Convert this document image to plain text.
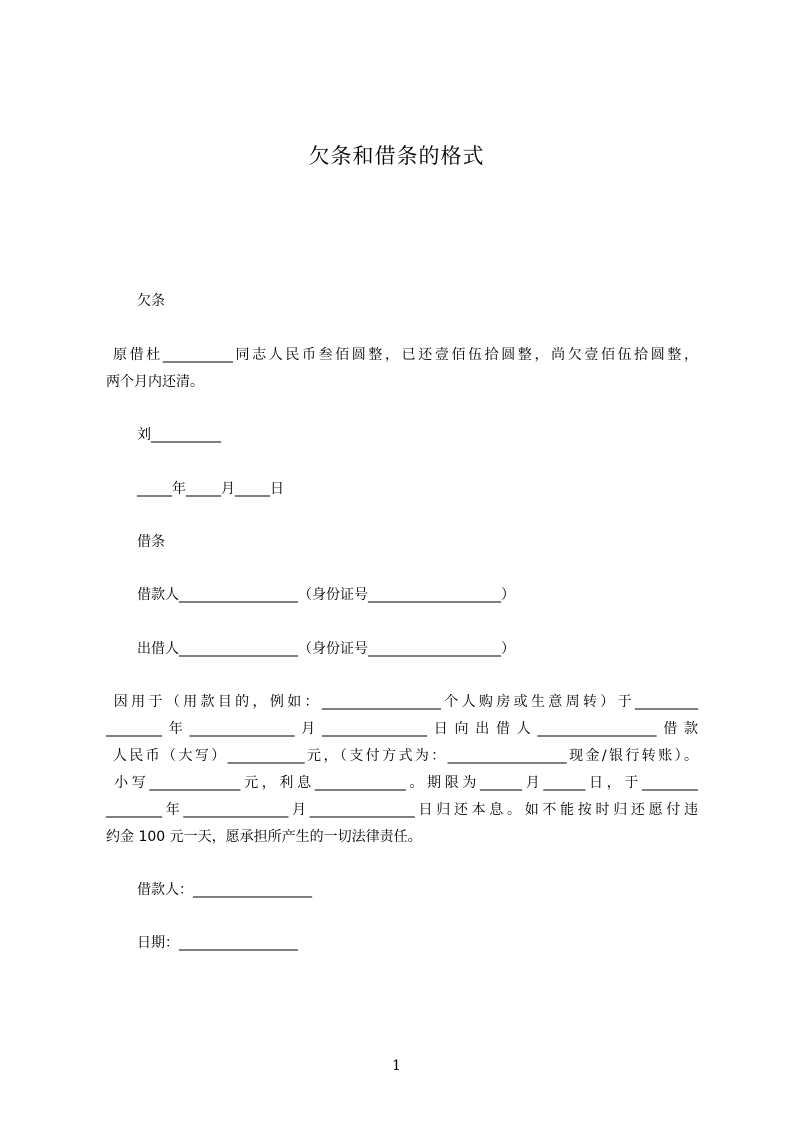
欠条和借条的格式
欠条
原借杜__________同志人民币叁佰圆整，已还壹佰伍拾圆整，尚欠壹佰伍拾圆整，
两个月内还清。
刘__________
_____年_____月_____日
借条
借款人_________________（身份证号___________________）
出借人_________________（身份证号___________________）
因用于（用款目的，例如：_________________个人购房或生意周转）于_________
________年_______________月_______________日向出借人_________________借款
人民币（大写）___________元，（支付方式为：_________________现金/银行转账）。
小写_____________元，利息_____________。期限为______月______日，于________
________年_______________月_______________日归还本息。如不能按时归还愿付违
约金 100 元一天，愿承担所产生的一切法律责任。
借款人：_________________
日期：_________________
1
